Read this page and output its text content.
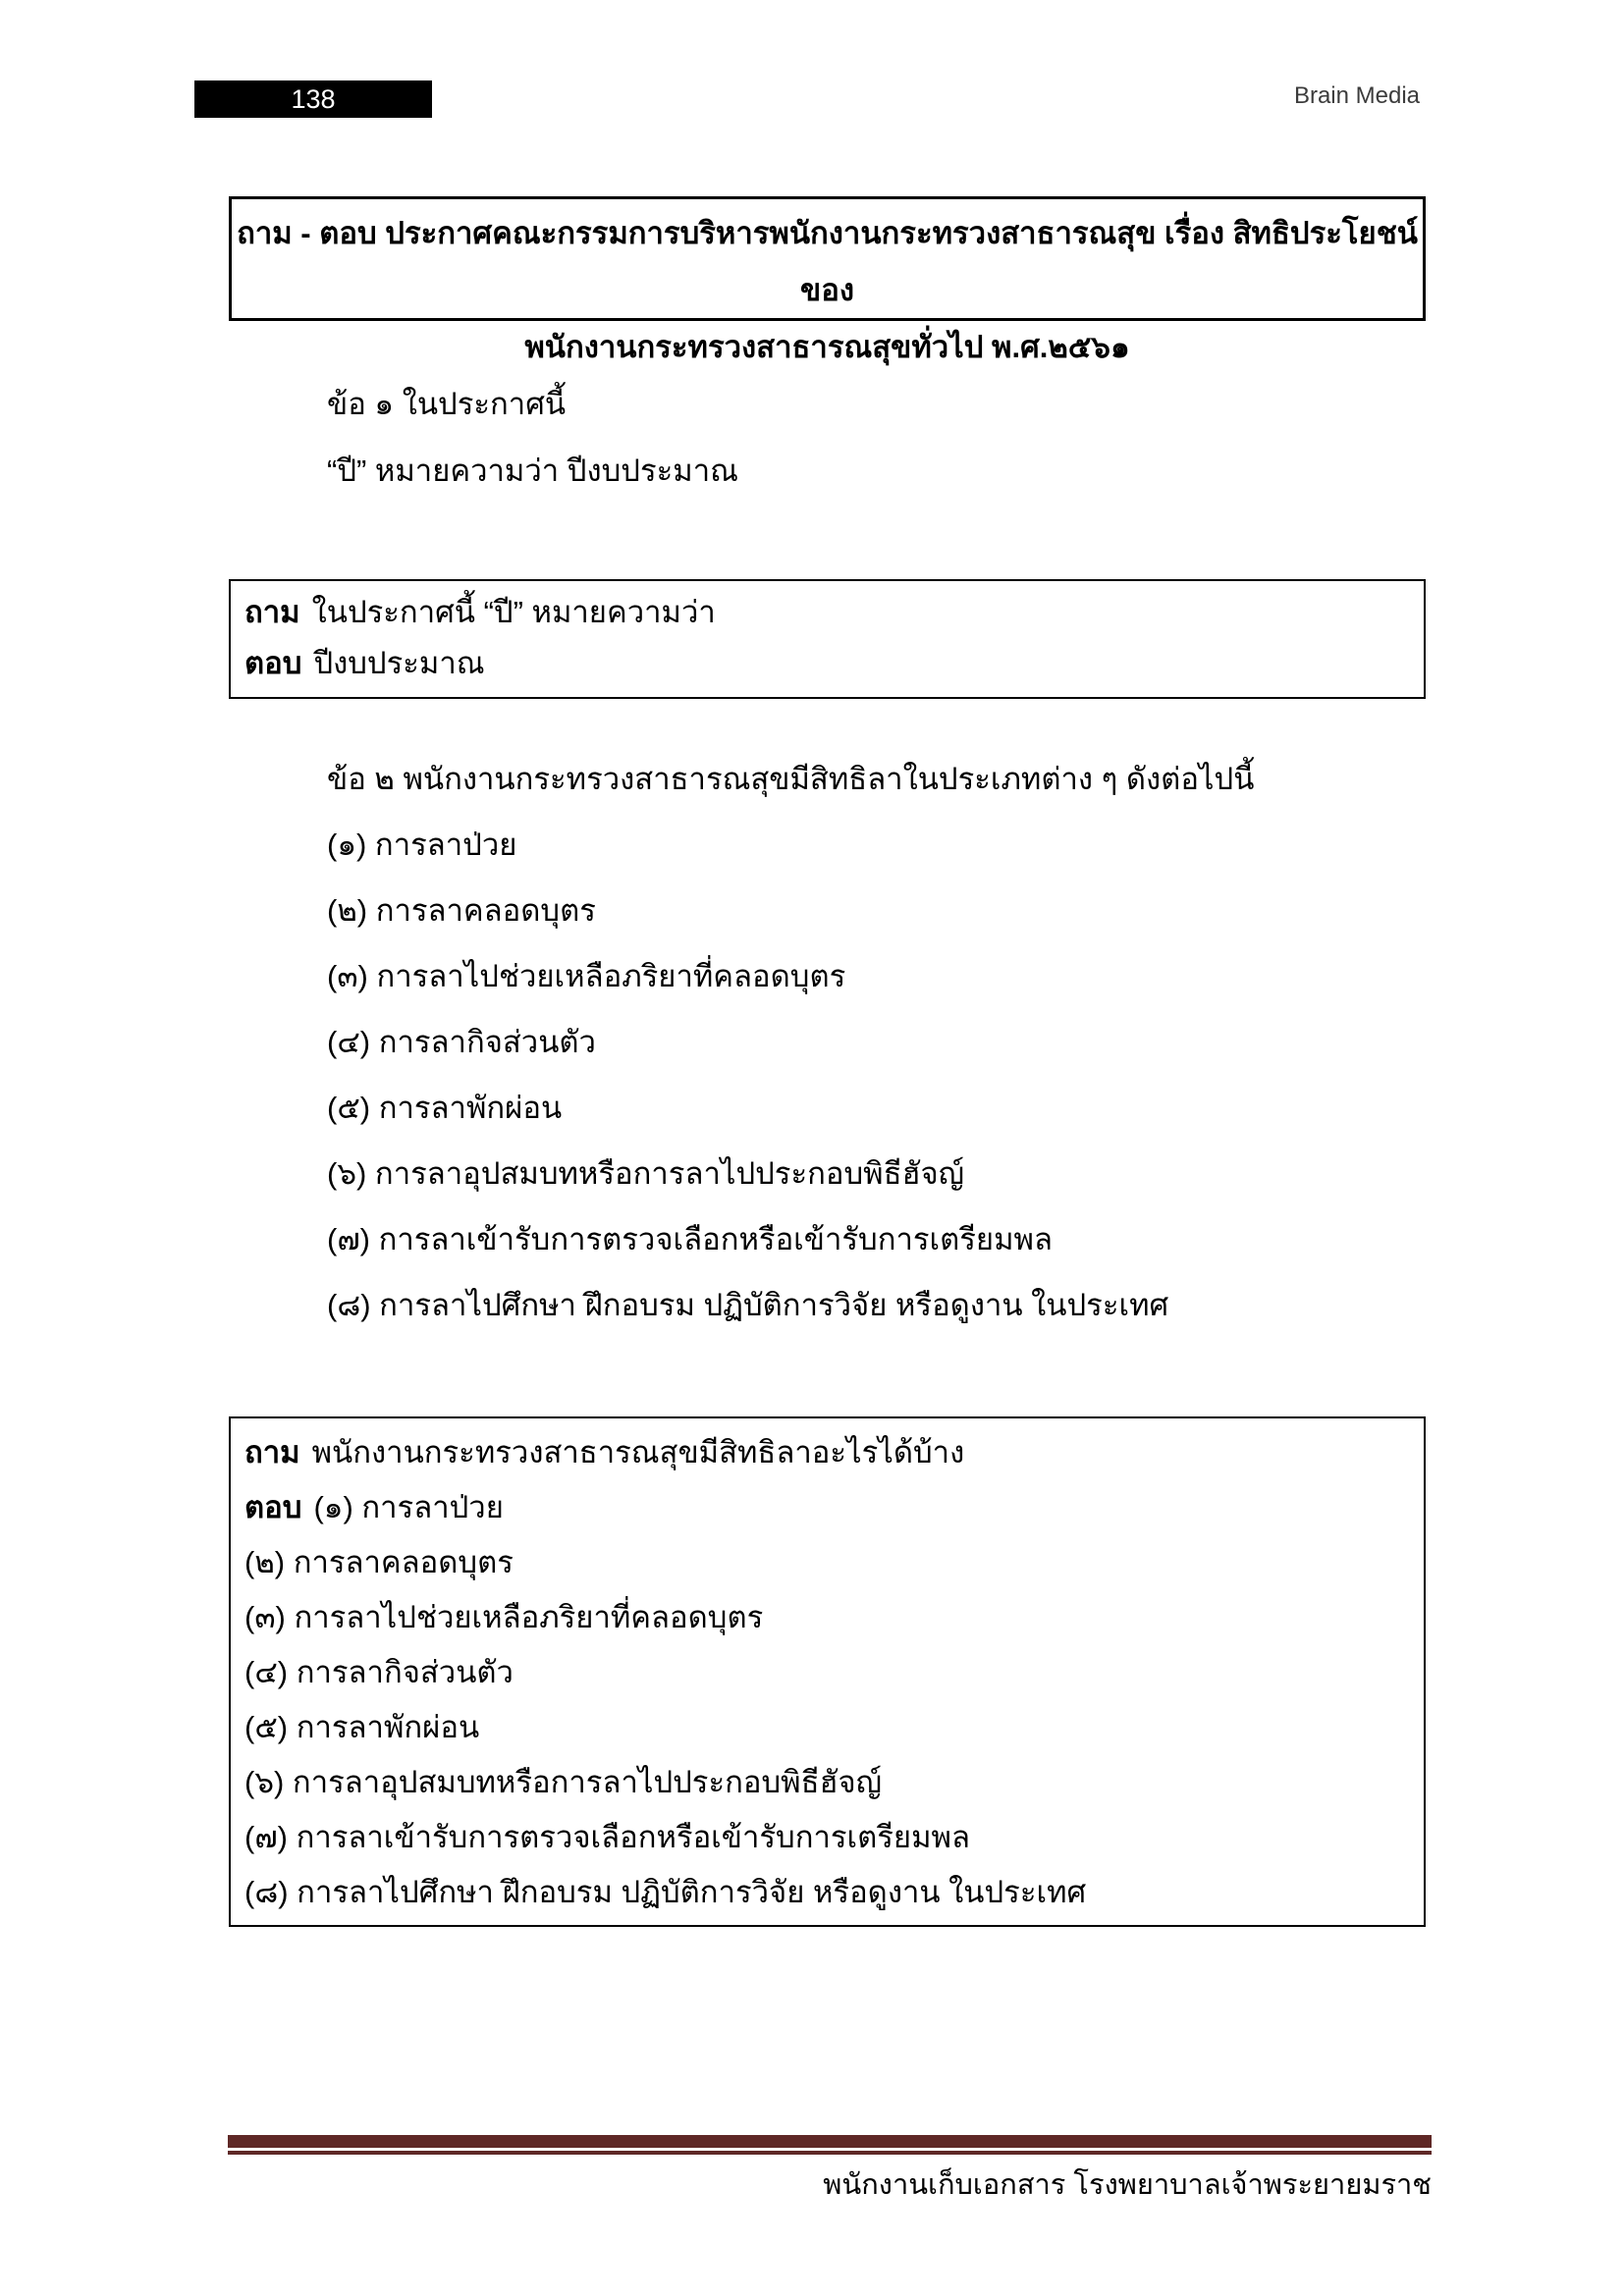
138	Brain Media
ถาม - ตอบ ประกาศคณะกรรมการบริหารพนักงานกระทรวงสาธารณสุข เรื่อง สิทธิประโยชน์ของ
พนักงานกระทรวงสาธารณสุขทั่วไป พ.ศ.๒๕๖๑
ข้อ ๑ ในประกาศนี้
“ปี” หมายความว่า ปีงบประมาณ
ถาม ในประกาศนี้ “ปี” หมายความว่า
ตอบ ปีงบประมาณ
ข้อ ๒ พนักงานกระทรวงสาธารณสุขมีสิทธิลาในประเภทต่าง ๆ ดังต่อไปนี้
(๑) การลาป่วย
(๒) การลาคลอดบุตร
(๓) การลาไปช่วยเหลือภริยาที่คลอดบุตร
(๔) การลากิจส่วนตัว
(๕) การลาพักผ่อน
(๖) การลาอุปสมบทหรือการลาไปประกอบพิธีฮัจญ์
(๗) การลาเข้ารับการตรวจเลือกหรือเข้ารับการเตรียมพล
(๘) การลาไปศึกษา ฝึกอบรม ปฏิบัติการวิจัย หรือดูงาน ในประเทศ
ถาม พนักงานกระทรวงสาธารณสุขมีสิทธิลาอะไรได้บ้าง
ตอบ (๑) การลาป่วย
(๒) การลาคลอดบุตร
(๓) การลาไปช่วยเหลือภริยาที่คลอดบุตร
(๔) การลากิจส่วนตัว
(๕) การลาพักผ่อน
(๖) การลาอุปสมบทหรือการลาไปประกอบพิธีฮัจญ์
(๗) การลาเข้ารับการตรวจเลือกหรือเข้ารับการเตรียมพล
(๘) การลาไปศึกษา ฝึกอบรม ปฏิบัติการวิจัย หรือดูงาน ในประเทศ
พนักงานเก็บเอกสาร โรงพยาบาลเจ้าพระยายมราช
